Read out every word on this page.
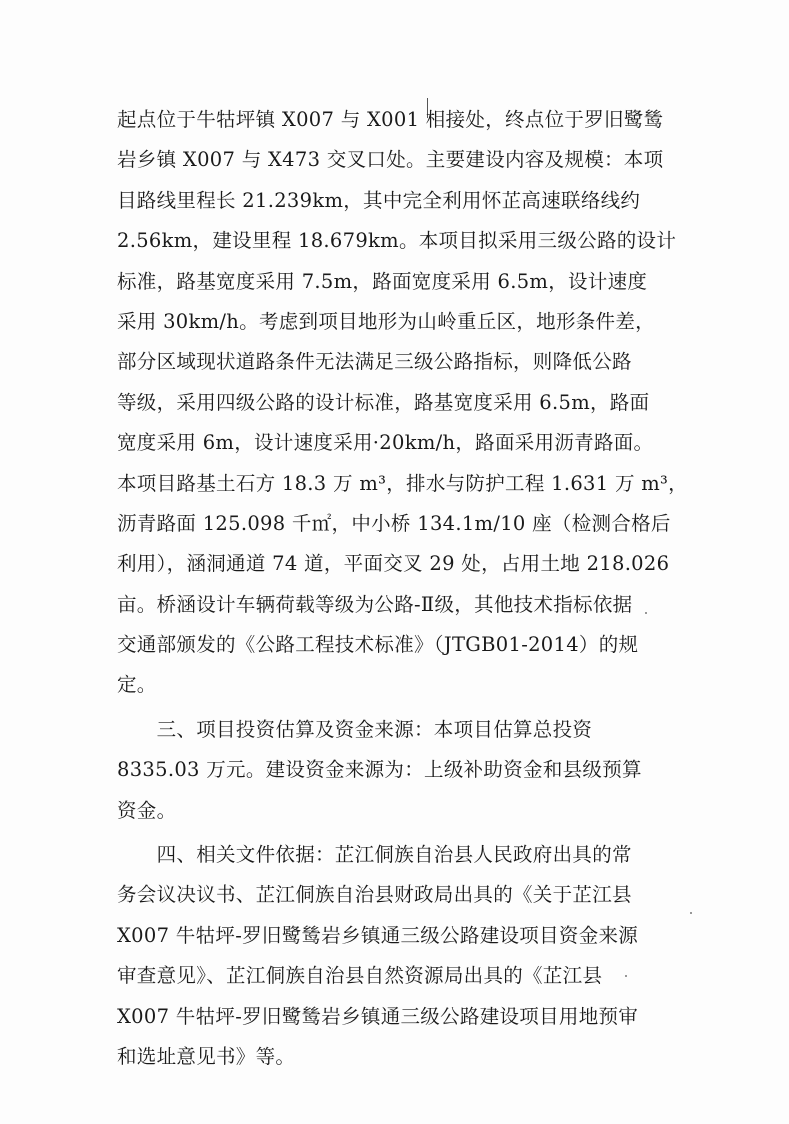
起点位于牛牯坪镇 X007 与 X001 相接处，终点位于罗旧鹭鸶
岩乡镇 X007 与 X473 交叉口处。主要建设内容及规模：本项
目路线里程长 21.239km，其中完全利用怀芷高速联络线约
2.56km，建设里程 18.679km。本项目拟采用三级公路的设计
标准，路基宽度采用 7.5m，路面宽度采用 6.5m，设计速度
采用 30km/h。考虑到项目地形为山岭重丘区，地形条件差，
部分区域现状道路条件无法满足三级公路指标，则降低公路
等级，采用四级公路的设计标准，路基宽度采用 6.5m，路面
宽度采用 6m，设计速度采用·20km/h，路面采用沥青路面。
本项目路基土石方 18.3 万 m³，排水与防护工程 1.631 万 m³，
沥青路面 125.098 千㎡，中小桥 134.1m/10 座（检测合格后
利用），涵洞通道 74 道，平面交叉 29 处，占用土地 218.026
亩。桥涵设计车辆荷载等级为公路-Ⅱ级，其他技术指标依据
交通部颁发的《公路工程技术标准》（JTGB01-2014）的规
定。
　　三、项目投资估算及资金来源：本项目估算总投资
8335.03 万元。建设资金来源为：上级补助资金和县级预算
资金。
　　四、相关文件依据：芷江侗族自治县人民政府出具的常
务会议决议书、芷江侗族自治县财政局出具的《关于芷江县
X007 牛牯坪-罗旧鹭鸶岩乡镇通三级公路建设项目资金来源
审查意见》、芷江侗族自治县自然资源局出具的《芷江县
X007 牛牯坪-罗旧鹭鸶岩乡镇通三级公路建设项目用地预审
和选址意见书》等。
